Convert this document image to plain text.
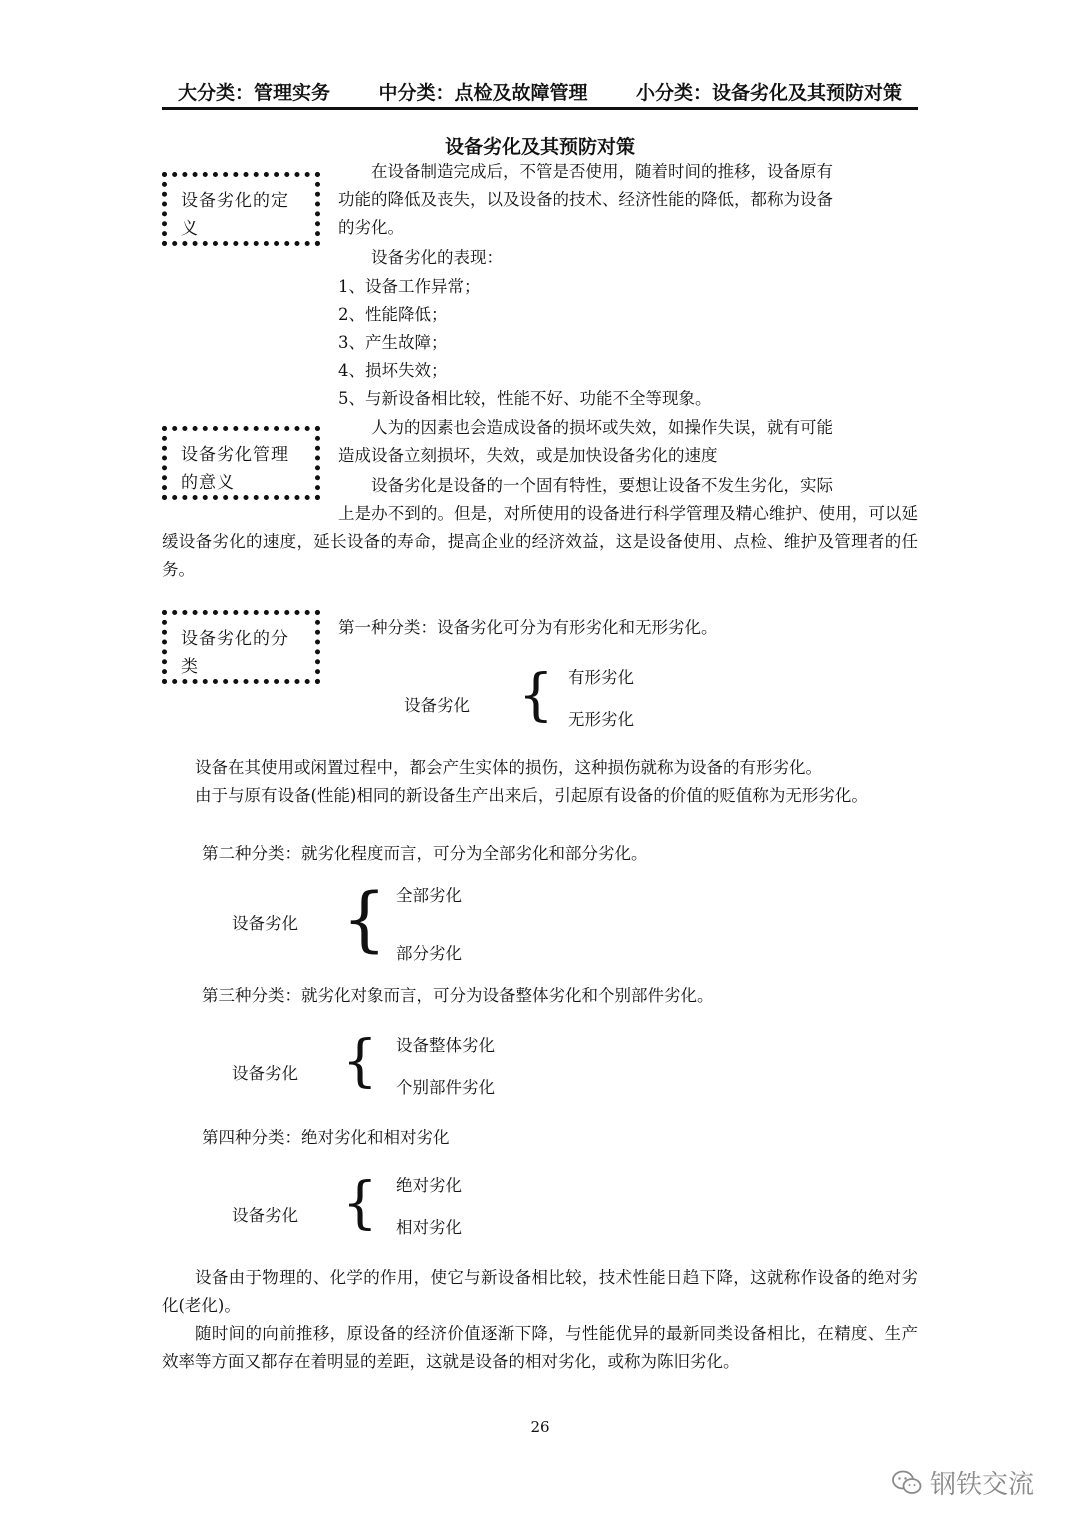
大分类：管理实务	中分类：点检及故障管理	小分类：设备劣化及其预防对策
设备劣化及其预防对策
设备劣化的定义
在设备制造完成后，不管是否使用，随着时间的推移，设备原有
功能的降低及丧失，以及设备的技术、经济性能的降低，都称为设备
的劣化。
设备劣化的表现：
1、设备工作异常；
2、性能降低；
3、产生故障；
4、损坏失效；
5、与新设备相比较，性能不好、功能不全等现象。
设备劣化管理的意义
人为的因素也会造成设备的损坏或失效，如操作失误，就有可能
造成设备立刻损坏，失效，或是加快设备劣化的速度
设备劣化是设备的一个固有特性，要想让设备不发生劣化，实际
上是办不到的。但是，对所使用的设备进行科学管理及精心维护、使用，可以延缓设备劣化的速度，延长设备的寿命，提高企业的经济效益，这是设备使用、点检、维护及管理者的任务。
设备劣化的分类
第一种分类：设备劣化可分为有形劣化和无形劣化。
设备劣化 { 有形劣化
无形劣化
设备在其使用或闲置过程中，都会产生实体的损伤，这种损伤就称为设备的有形劣化。
由于与原有设备(性能)相同的新设备生产出来后，引起原有设备的价值的贬值称为无形劣化。
第二种分类：就劣化程度而言，可分为全部劣化和部分劣化。
设备劣化 { 全部劣化
部分劣化
第三种分类：就劣化对象而言，可分为设备整体劣化和个别部件劣化。
设备劣化 { 设备整体劣化
个别部件劣化
第四种分类：绝对劣化和相对劣化
设备劣化 { 绝对劣化
相对劣化
设备由于物理的、化学的作用，使它与新设备相比较，技术性能日趋下降，这就称作设备的绝对劣化(老化)。
随时间的向前推移，原设备的经济价值逐渐下降，与性能优异的最新同类设备相比，在精度、生产效率等方面又都存在着明显的差距，这就是设备的相对劣化，或称为陈旧劣化。
26
钢铁交流
